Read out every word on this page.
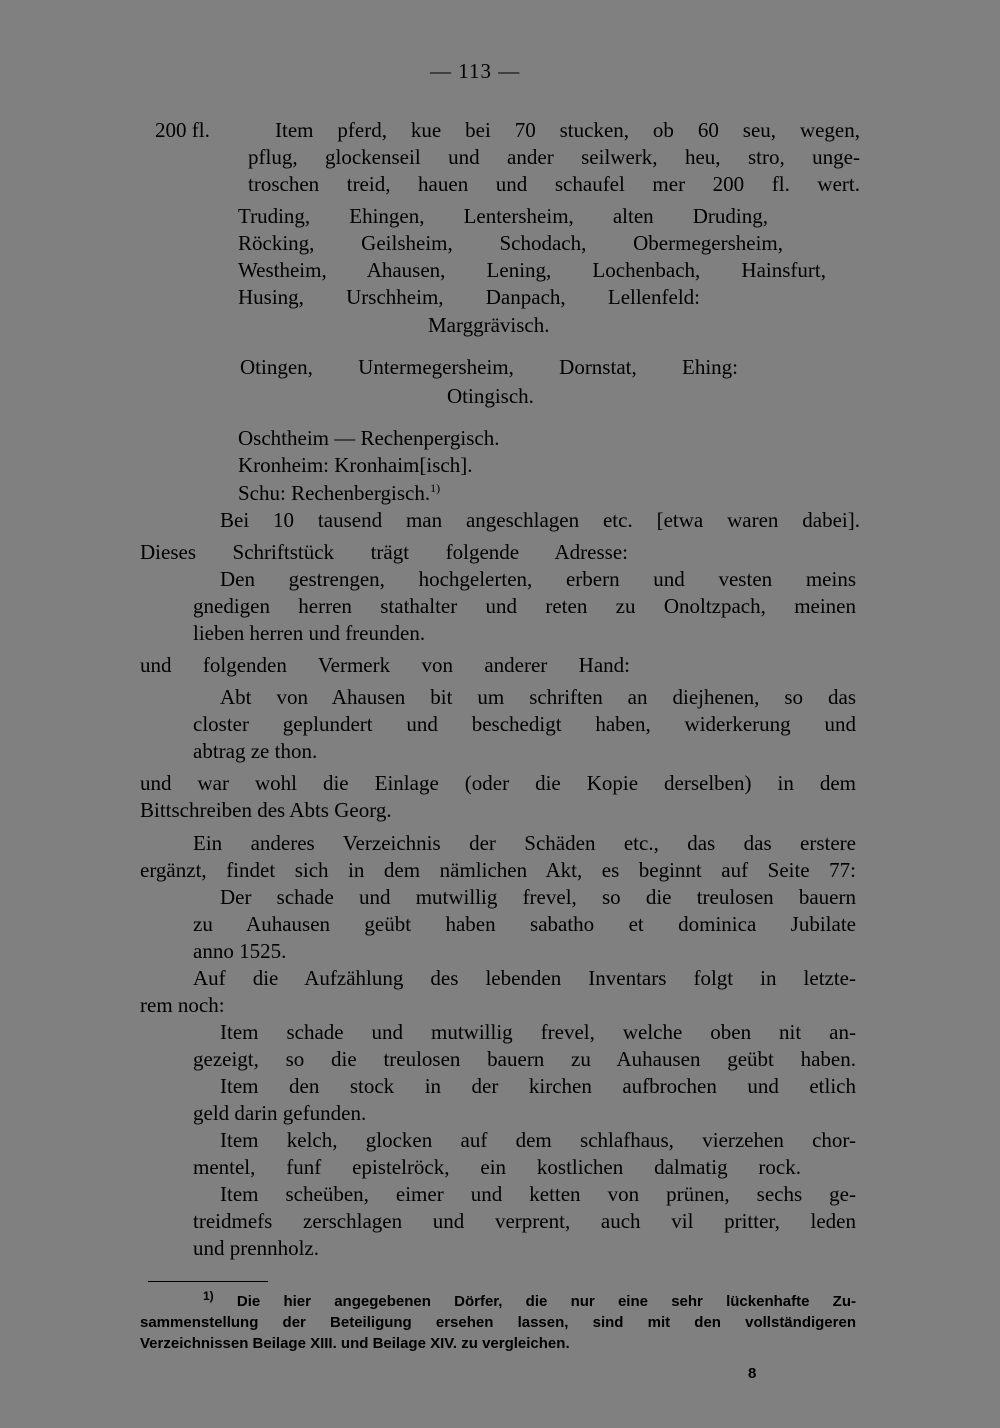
— 113 —
200 fl.	Item pferd, kue bei 70 stucken, ob 60 seu, wegen,
pflug, glockenseil und ander seilwerk, heu, stro, unge-
troschen treid, hauen und schaufel mer 200 fl. wert.
Truding, Ehingen, Lentersheim, alten Druding,
Röcking, Geilsheim, Schodach, Obermegersheim,
Westheim, Ahausen, Lening, Lochenbach, Hainsfurt,
Husing, Urschheim, Danpach, Lellenfeld:
Marggrävisch.
Otingen, Untermegersheim, Dornstat, Ehing:
Otingisch.
Oschtheim — Rechenpergisch.
Kronheim: Kronhaim[isch].
Schu: Rechenbergisch.$^{1)}$
Bei 10 tausend man angeschlagen etc. [etwa waren dabei].
Dieses Schriftstück trägt folgende Adresse:
Den gestrengen, hochgelerten, erbern und vesten meins
gnedigen herren stathalter und reten zu Onoltzpach, meinen
lieben herren und freunden.
und folgenden Vermerk von anderer Hand:
Abt von Ahausen bit um schriften an diejhenen, so das
closter geplundert und beschedigt haben, widerkerung und
abtrag ze thon.
und war wohl die Einlage (oder die Kopie derselben) in dem
Bittschreiben des Abts Georg.
Ein anderes Verzeichnis der Schäden etc., das das erstere
ergänzt, findet sich in dem nämlichen Akt, es beginnt auf Seite 77:
Der schade und mutwillig frevel, so die treulosen bauern
zu Auhausen geübt haben sabatho et dominica Jubilate
anno 1525.
Auf die Aufzählung des lebenden Inventars folgt in letzte-
rem noch:
Item schade und mutwillig frevel, welche oben nit an-
gezeigt, so die treulosen bauern zu Auhausen geübt haben.
Item den stock in der kirchen aufbrochen und etlich
geld darin gefunden.
Item kelch, glocken auf dem schlafhaus, vierzehen chor-
mentel, funf epistelröck, ein kostlichen dalmatig rock.
Item scheüben, eimer und ketten von prünen, sechs ge-
treidmefs zerschlagen und verprent, auch vil pritter, leden
und prennholz.
$^{1)}$ Die hier angegebenen Dörfer, die nur eine sehr lückenhafte Zu-
sammenstellung der Beteiligung ersehen lassen, sind mit den vollständigeren
Verzeichnissen Beilage XIII. und Beilage XIV. zu vergleichen.
8
